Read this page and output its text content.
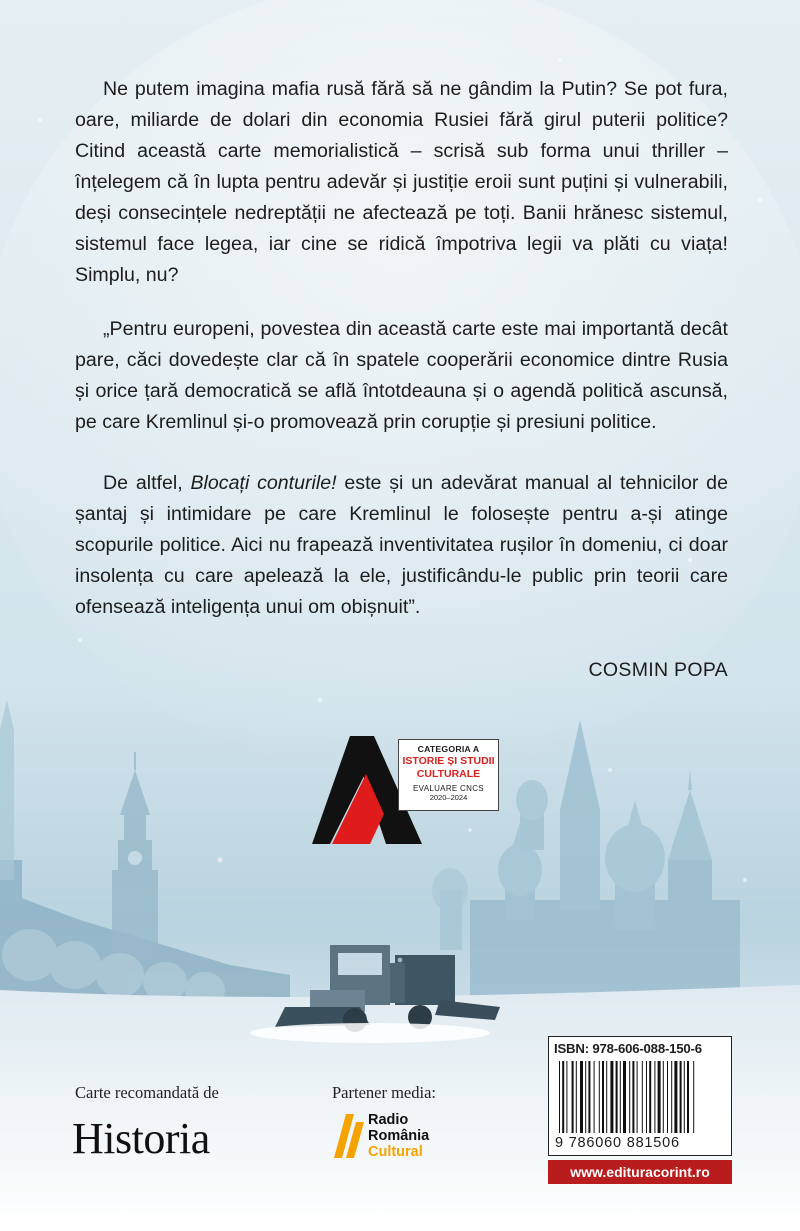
Ne putem imagina mafia rusă fără să ne gândim la Putin? Se pot fura, oare, miliarde de dolari din economia Rusiei fără girul puterii politice? Citind această carte memorialistică – scrisă sub forma unui thriller – înțelegem că în lupta pentru adevăr și justiție eroii sunt puțini și vulnerabili, deși consecințele nedreptății ne afectează pe toți. Banii hrănesc sistemul, sistemul face legea, iar cine se ridică împotriva legii va plăti cu viața! Simplu, nu?

„Pentru europeni, povestea din această carte este mai importantă decât pare, căci dovedește clar că în spatele cooperării economice dintre Rusia și orice țară democratică se află întotdeauna și o agendă politică ascunsă, pe care Kremlinul și-o promovează prin corupție și presiuni politice.

De altfel, Blocați conturile! este și un adevărat manual al tehnicilor de șantaj și intimidare pe care Kremlinul le folosește pentru a-și atinge scopurile politice. Aici nu frapează inventivitatea rușilor în domeniu, ci doar insolența cu care apelează la ele, justificându-le public prin teorii care ofensează inteligența unui om obișnuit”.

COSMIN POPA
CATEGORIA A
ISTORIE ȘI STUDII
CULTURALE
EVALUARE CNCS
2020–2024
Carte recomandată de
Historia
Partener media:
Radio
România
Cultural
ISBN: 978-606-088-150-6
9 786060 881506
www.edituracorint.ro
